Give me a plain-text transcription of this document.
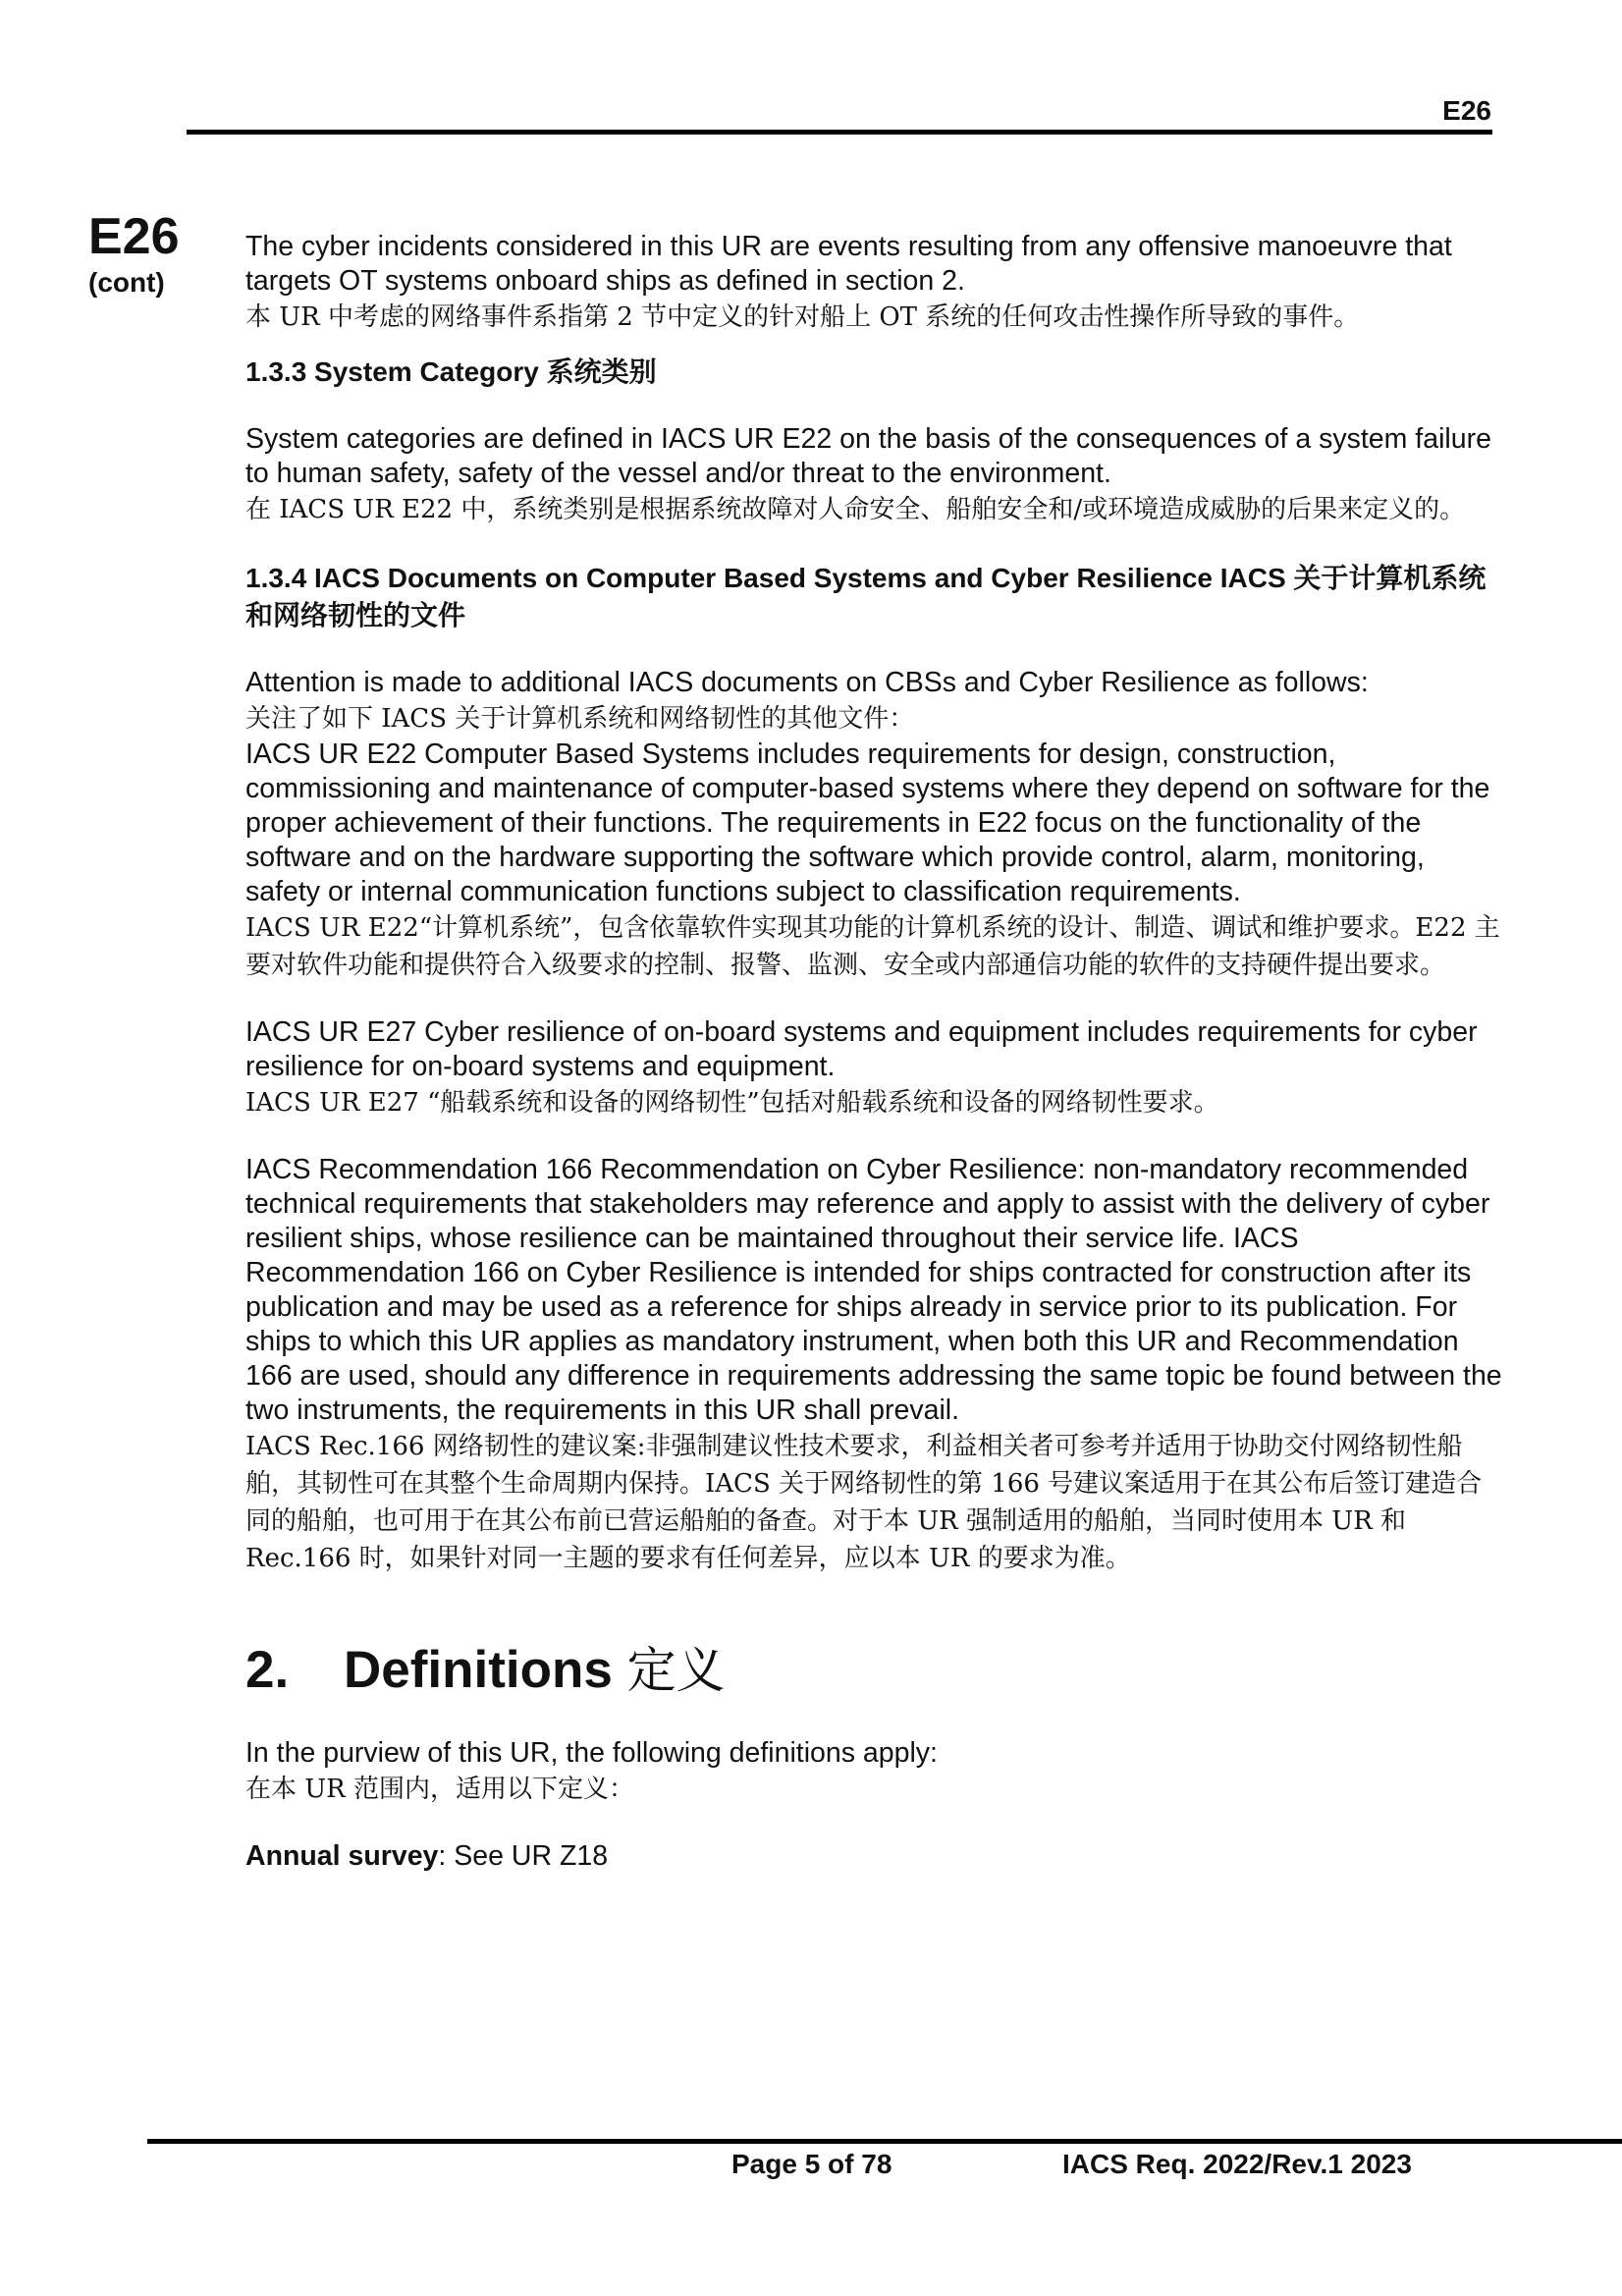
E26
E26
(cont)

The cyber incidents considered in this UR are events resulting from any offensive manoeuvre that targets OT systems onboard ships as defined in section 2.

本 UR 中考虑的网络事件系指第 2 节中定义的针对船上 OT 系统的任何攻击性操作所导致的事件。

1.3.3 System Category 系统类别

System categories are defined in IACS UR E22 on the basis of the consequences of a system failure to human safety, safety of the vessel and/or threat to the environment.

在 IACS UR E22 中，系统类别是根据系统故障对人命安全、船舶安全和/或环境造成威胁的后果来定义的。

1.3.4 IACS Documents on Computer Based Systems and Cyber Resilience IACS 关于计算机系统和网络韧性的文件

Attention is made to additional IACS documents on CBSs and Cyber Resilience as follows:

关注了如下 IACS 关于计算机系统和网络韧性的其他文件：

IACS UR E22 Computer Based Systems includes requirements for design, construction, commissioning and maintenance of computer-based systems where they depend on software for the proper achievement of their functions. The requirements in E22 focus on the functionality of the software and on the hardware supporting the software which provide control, alarm, monitoring, safety or internal communication functions subject to classification requirements.

IACS UR E22“计算机系统”，包含依靠软件实现其功能的计算机系统的设计、制造、调试和维护要求。E22 主要对软件功能和提供符合入级要求的控制、报警、监测、安全或内部通信功能的软件的支持硬件提出要求。

IACS UR E27 Cyber resilience of on-board systems and equipment includes requirements for cyber resilience for on-board systems and equipment.

IACS UR E27 “船载系统和设备的网络韧性”包括对船载系统和设备的网络韧性要求。

IACS Recommendation 166 Recommendation on Cyber Resilience: non-mandatory recommended technical requirements that stakeholders may reference and apply to assist with the delivery of cyber resilient ships, whose resilience can be maintained throughout their service life. IACS Recommendation 166 on Cyber Resilience is intended for ships contracted for construction after its publication and may be used as a reference for ships already in service prior to its publication. For ships to which this UR applies as mandatory instrument, when both this UR and Recommendation 166 are used, should any difference in requirements addressing the same topic be found between the two instruments, the requirements in this UR shall prevail.

IACS Rec.166 网络韧性的建议案:非强制建议性技术要求，利益相关者可参考并适用于协助交付网络韧性船舶，其韧性可在其整个生命周期内保持。IACS 关于网络韧性的第 166 号建议案适用于在其公布后签订建造合同的船舶，也可用于在其公布前已营运船舶的备查。对于本 UR 强制适用的船舶，当同时使用本 UR 和 Rec.166 时，如果针对同一主题的要求有任何差异，应以本 UR 的要求为准。

2. Definitions 定义

In the purview of this UR, the following definitions apply:

在本 UR 范围内，适用以下定义：

Annual survey: See UR Z18

Page 5 of 78	IACS Req. 2022/Rev.1 2023
